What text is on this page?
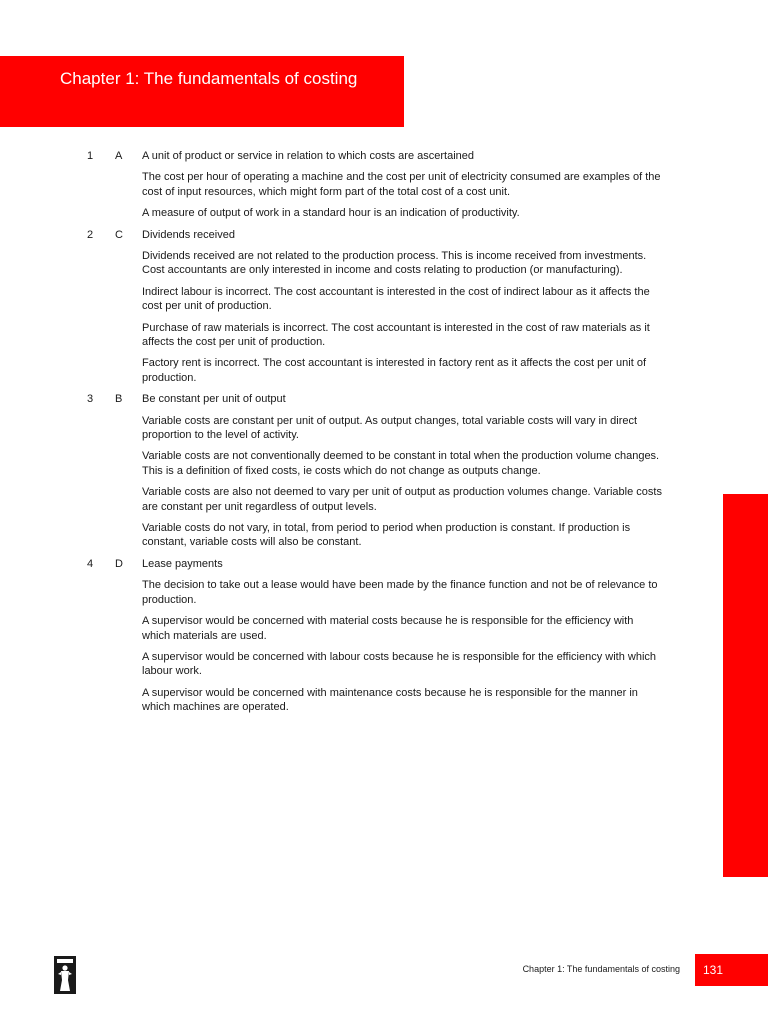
Chapter 1: The fundamentals of costing
1 A A unit of product or service in relation to which costs are ascertained

The cost per hour of operating a machine and the cost per unit of electricity consumed are examples of the cost of input resources, which might form part of the total cost of a cost unit.

A measure of output of work in a standard hour is an indication of productivity.

2 C Dividends received

Dividends received are not related to the production process. This is income received from investments. Cost accountants are only interested in income and costs relating to production (or manufacturing).

Indirect labour is incorrect. The cost accountant is interested in the cost of indirect labour as it affects the cost per unit of production.

Purchase of raw materials is incorrect. The cost accountant is interested in the cost of raw materials as it affects the cost per unit of production.

Factory rent is incorrect. The cost accountant is interested in factory rent as it affects the cost per unit of production.

3 B Be constant per unit of output

Variable costs are constant per unit of output. As output changes, total variable costs will vary in direct proportion to the level of activity.

Variable costs are not conventionally deemed to be constant in total when the production volume changes. This is a definition of fixed costs, ie costs which do not change as outputs change.

Variable costs are also not deemed to vary per unit of output as production volumes change. Variable costs are constant per unit regardless of output levels.

Variable costs do not vary, in total, from period to period when production is constant. If production is constant, variable costs will also be constant.

4 D Lease payments

The decision to take out a lease would have been made by the finance function and not be of relevance to production.

A supervisor would be concerned with material costs because he is responsible for the efficiency with which materials are used.

A supervisor would be concerned with labour costs because he is responsible for the efficiency with which labour work.

A supervisor would be concerned with maintenance costs because he is responsible for the manner in which machines are operated.

Chapter 1: The fundamentals of costing 131
